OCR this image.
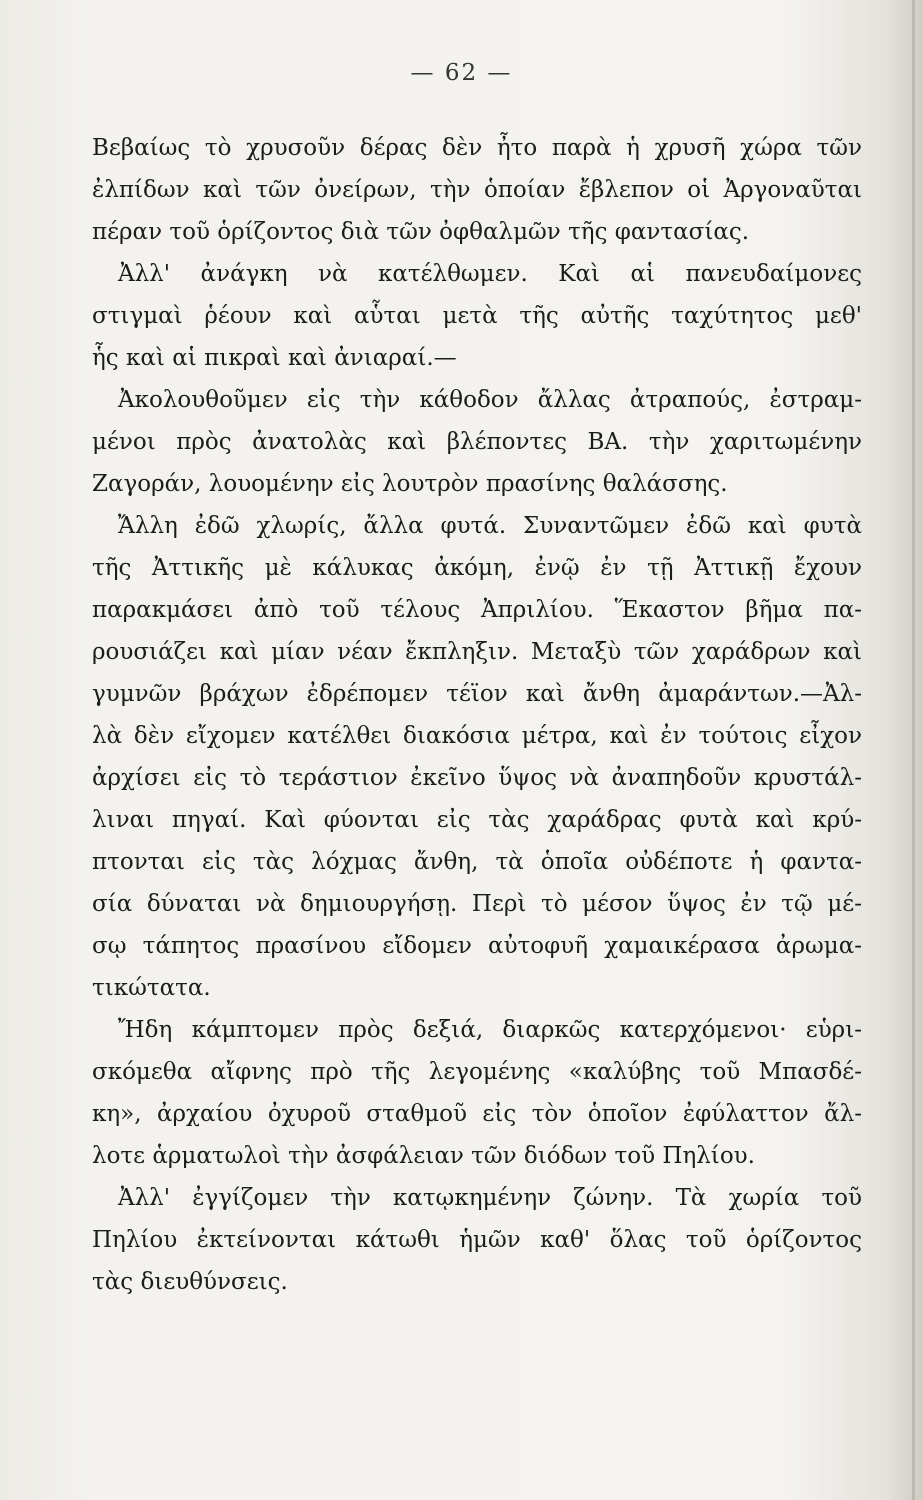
— 62 —
Βεβαίως τὸ χρυσοῦν δέρας δὲν ἦτο παρὰ ἡ χρυσῆ χώρα τῶν
ἐλπίδων καὶ τῶν ὀνείρων, τὴν ὁποίαν ἔβλεπον οἱ Ἀργοναῦται
πέραν τοῦ ὁρίζοντος διὰ τῶν ὀφθαλμῶν τῆς φαντασίας.
Ἀλλ' ἀνάγκη νὰ κατέλθωμεν. Καὶ αἱ πανευδαίμονες
στιγμαὶ ῥέουν καὶ αὗται μετὰ τῆς αὐτῆς ταχύτητος μεθ'
ἧς καὶ αἱ πικραὶ καὶ ἀνιαραί.—
Ἀκολουθοῦμεν εἰς τὴν κάθοδον ἄλλας ἀτραπούς, ἐστραμ-
μένοι πρὸς ἀνατολὰς καὶ βλέποντες ΒΑ. τὴν χαριτωμένην
Ζαγοράν, λουομένην εἰς λουτρὸν πρασίνης θαλάσσης.
Ἄλλη ἐδῶ χλωρίς, ἄλλα φυτά. Συναντῶμεν ἐδῶ καὶ φυτὰ
τῆς Ἀττικῆς μὲ κάλυκας ἀκόμη, ἐνῷ ἐν τῇ Ἀττικῇ ἔχουν
παρακμάσει ἀπὸ τοῦ τέλους Ἀπριλίου. Ἕκαστον βῆμα πα-
ρουσιάζει καὶ μίαν νέαν ἔκπληξιν. Μεταξὺ τῶν χαράδρων καὶ
γυμνῶν βράχων ἐδρέπομεν τέϊον καὶ ἄνθη ἀμαράντων.—Ἀλ-
λὰ δὲν εἴχομεν κατέλθει διακόσια μέτρα, καὶ ἐν τούτοις εἶχον
ἀρχίσει εἰς τὸ τεράστιον ἐκεῖνο ὕψος νὰ ἀναπηδοῦν κρυστάλ-
λιναι πηγαί. Καὶ φύονται εἰς τὰς χαράδρας φυτὰ καὶ κρύ-
πτονται εἰς τὰς λόχμας ἄνθη, τὰ ὁποῖα οὐδέποτε ἡ φαντα-
σία δύναται νὰ δημιουργήσῃ. Περὶ τὸ μέσον ὕψος ἐν τῷ μέ-
σῳ τάπητος πρασίνου εἴδομεν αὐτοφυῆ χαμαικέρασα ἀρωμα-
τικώτατα.
Ἤδη κάμπτομεν πρὸς δεξιά, διαρκῶς κατερχόμενοι· εὑρι-
σκόμεθα αἴφνης πρὸ τῆς λεγομένης «καλύβης τοῦ Μπασδέ-
κη», ἀρχαίου ὀχυροῦ σταθμοῦ εἰς τὸν ὁποῖον ἐφύλαττον ἄλ-
λοτε ἁρματωλοὶ τὴν ἀσφάλειαν τῶν διόδων τοῦ Πηλίου.
Ἀλλ' ἐγγίζομεν τὴν κατῳκημένην ζώνην. Τὰ χωρία τοῦ
Πηλίου ἐκτείνονται κάτωθι ἡμῶν καθ' ὅλας τοῦ ὁρίζοντος
τὰς διευθύνσεις.
